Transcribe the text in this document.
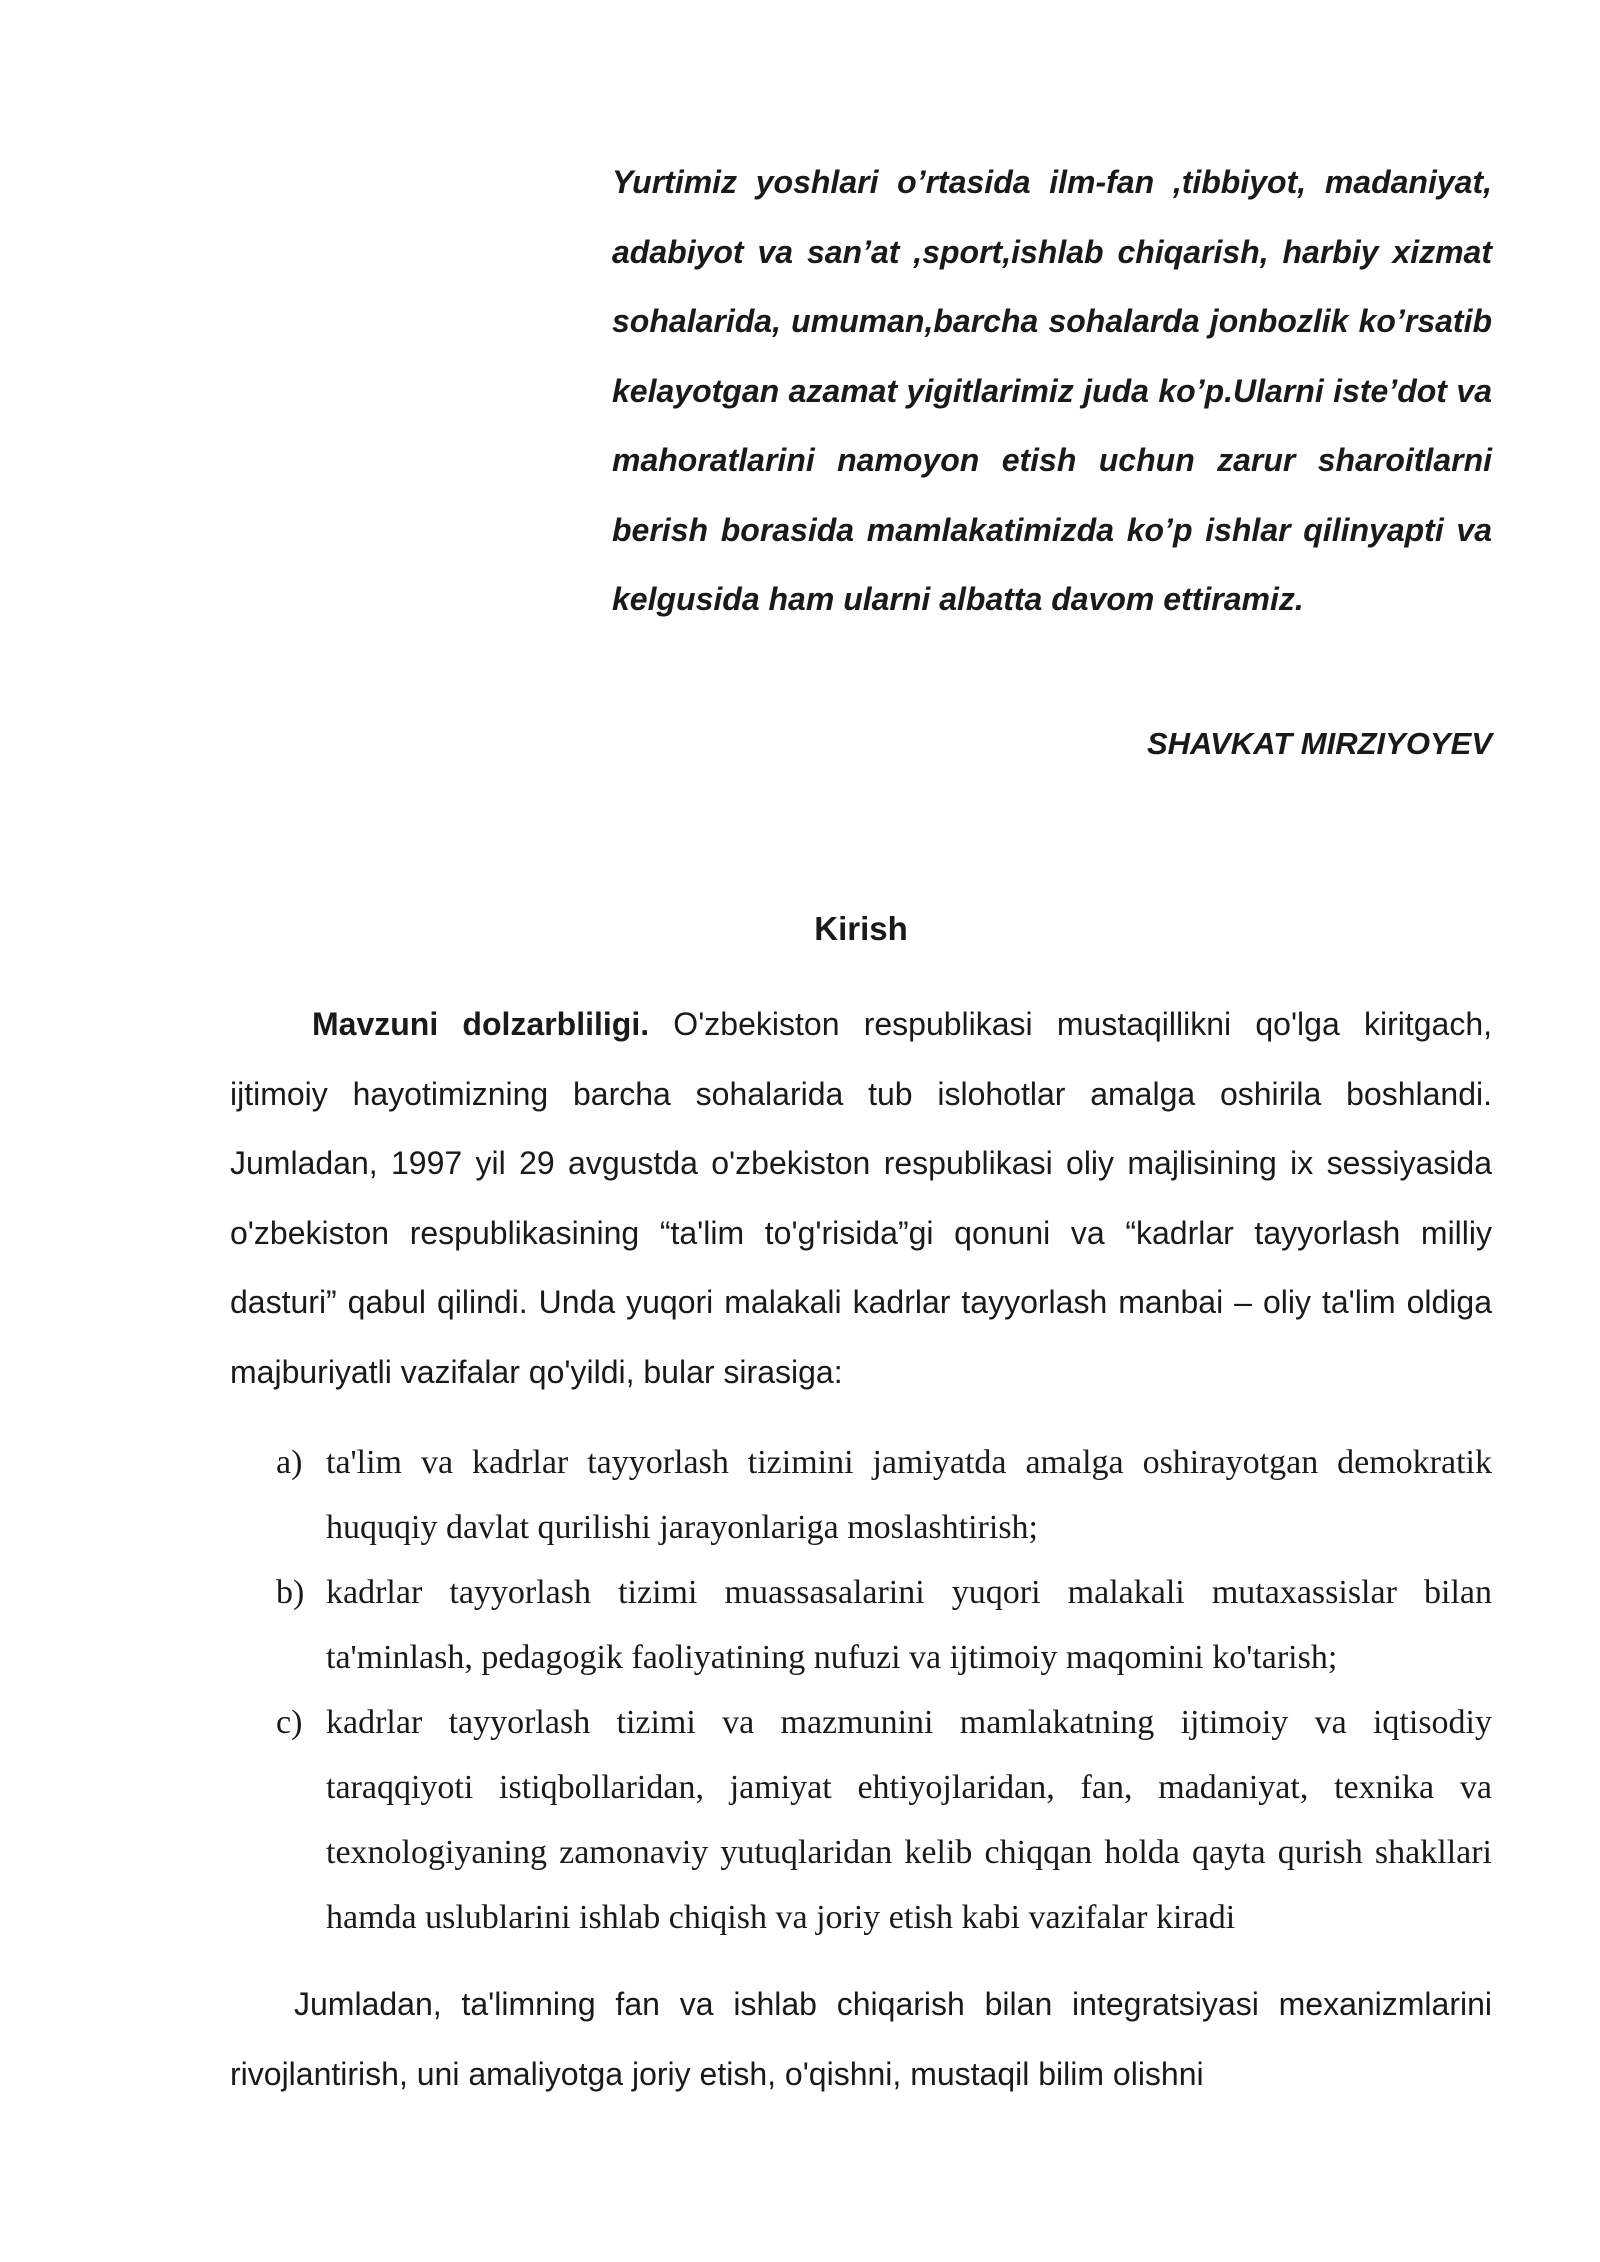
Yurtimiz yoshlari o’rtasida ilm-fan ,tibbiyot, madaniyat, adabiyot va san’at ,sport,ishlab chiqarish, harbiy xizmat sohalarida, umuman,barcha sohalarda jonbozlik ko’rsatib kelayotgan azamat yigitlarimiz juda ko’p.Ularni iste’dot va mahoratlarini namoyon etish uchun zarur sharoitlarni berish borasida mamlakatimizda ko’p ishlar qilinyapti va kelgusida ham ularni albatta davom ettiramiz.

SHAVKAT MIRZIYOYEV

Kirish

Mavzuni dolzarbliligi. O'zbekiston respublikasi mustaqillikni qo'lga kiritgach, ijtimoiy hayotimizning barcha sohalarida tub islohotlar amalga oshirila boshlandi. Jumladan, 1997 yil 29 avgustda o'zbekiston respublikasi oliy majlisining ix sessiyasida o'zbekiston respublikasining “ta'lim to'g'risida”gi qonuni va “kadrlar tayyorlash milliy dasturi” qabul qilindi. Unda yuqori malakali kadrlar tayyorlash manbai – oliy ta'lim oldiga majburiyatli vazifalar qo'yildi, bular sirasiga:

a) ta'lim va kadrlar tayyorlash tizimini jamiyatda amalga oshirayotgan demokratik huquqiy davlat qurilishi jarayonlariga moslashtirish;
b) kadrlar tayyorlash tizimi muassasalarini yuqori malakali mutaxassislar bilan ta'minlash, pedagogik faoliyatining nufuzi va ijtimoiy maqomini ko'tarish;
c) kadrlar tayyorlash tizimi va mazmunini mamlakatning ijtimoiy va iqtisodiy taraqqiyoti istiqbollaridan, jamiyat ehtiyojlaridan, fan, madaniyat, texnika va texnologiyaning zamonaviy yutuqlaridan kelib chiqqan holda qayta qurish shakllari hamda uslublarini ishlab chiqish va joriy etish kabi vazifalar kiradi

Jumladan, ta'limning fan va ishlab chiqarish bilan integratsiyasi mexanizmlarini rivojlantirish, uni amaliyotga joriy etish, o'qishni, mustaqil bilim olishni
